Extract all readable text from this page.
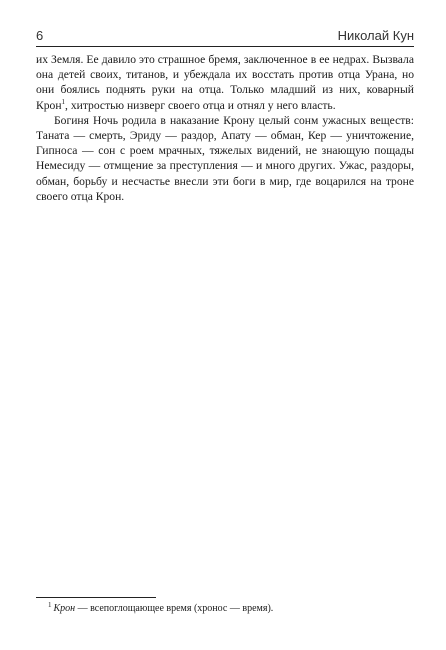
6	Николай Кун

их Земля. Ее давило это страшное бремя, заключенное в ее недрах. Вызвала она детей своих, титанов, и убеждала их восстать против отца Урана, но они боялись поднять руки на отца. Только младший из них, коварный Крон$^1$, хитростью низверг своего отца и отнял у него власть.

Богиня Ночь родила в наказание Крону целый сонм ужасных веществ: Таната — смерть, Эриду — раздор, Апату — обман, Кер — уничтожение, Гипноса — сон с роем мрачных, тяжелых видений, не знающую пощады Немесиду — отмщение за преступления — и много других. Ужас, раздоры, обман, борьбу и несчастье внесли эти боги в мир, где воцарился на троне своего отца Крон.

$^1$ Крон — всепоглощающее время (хронос — время).
